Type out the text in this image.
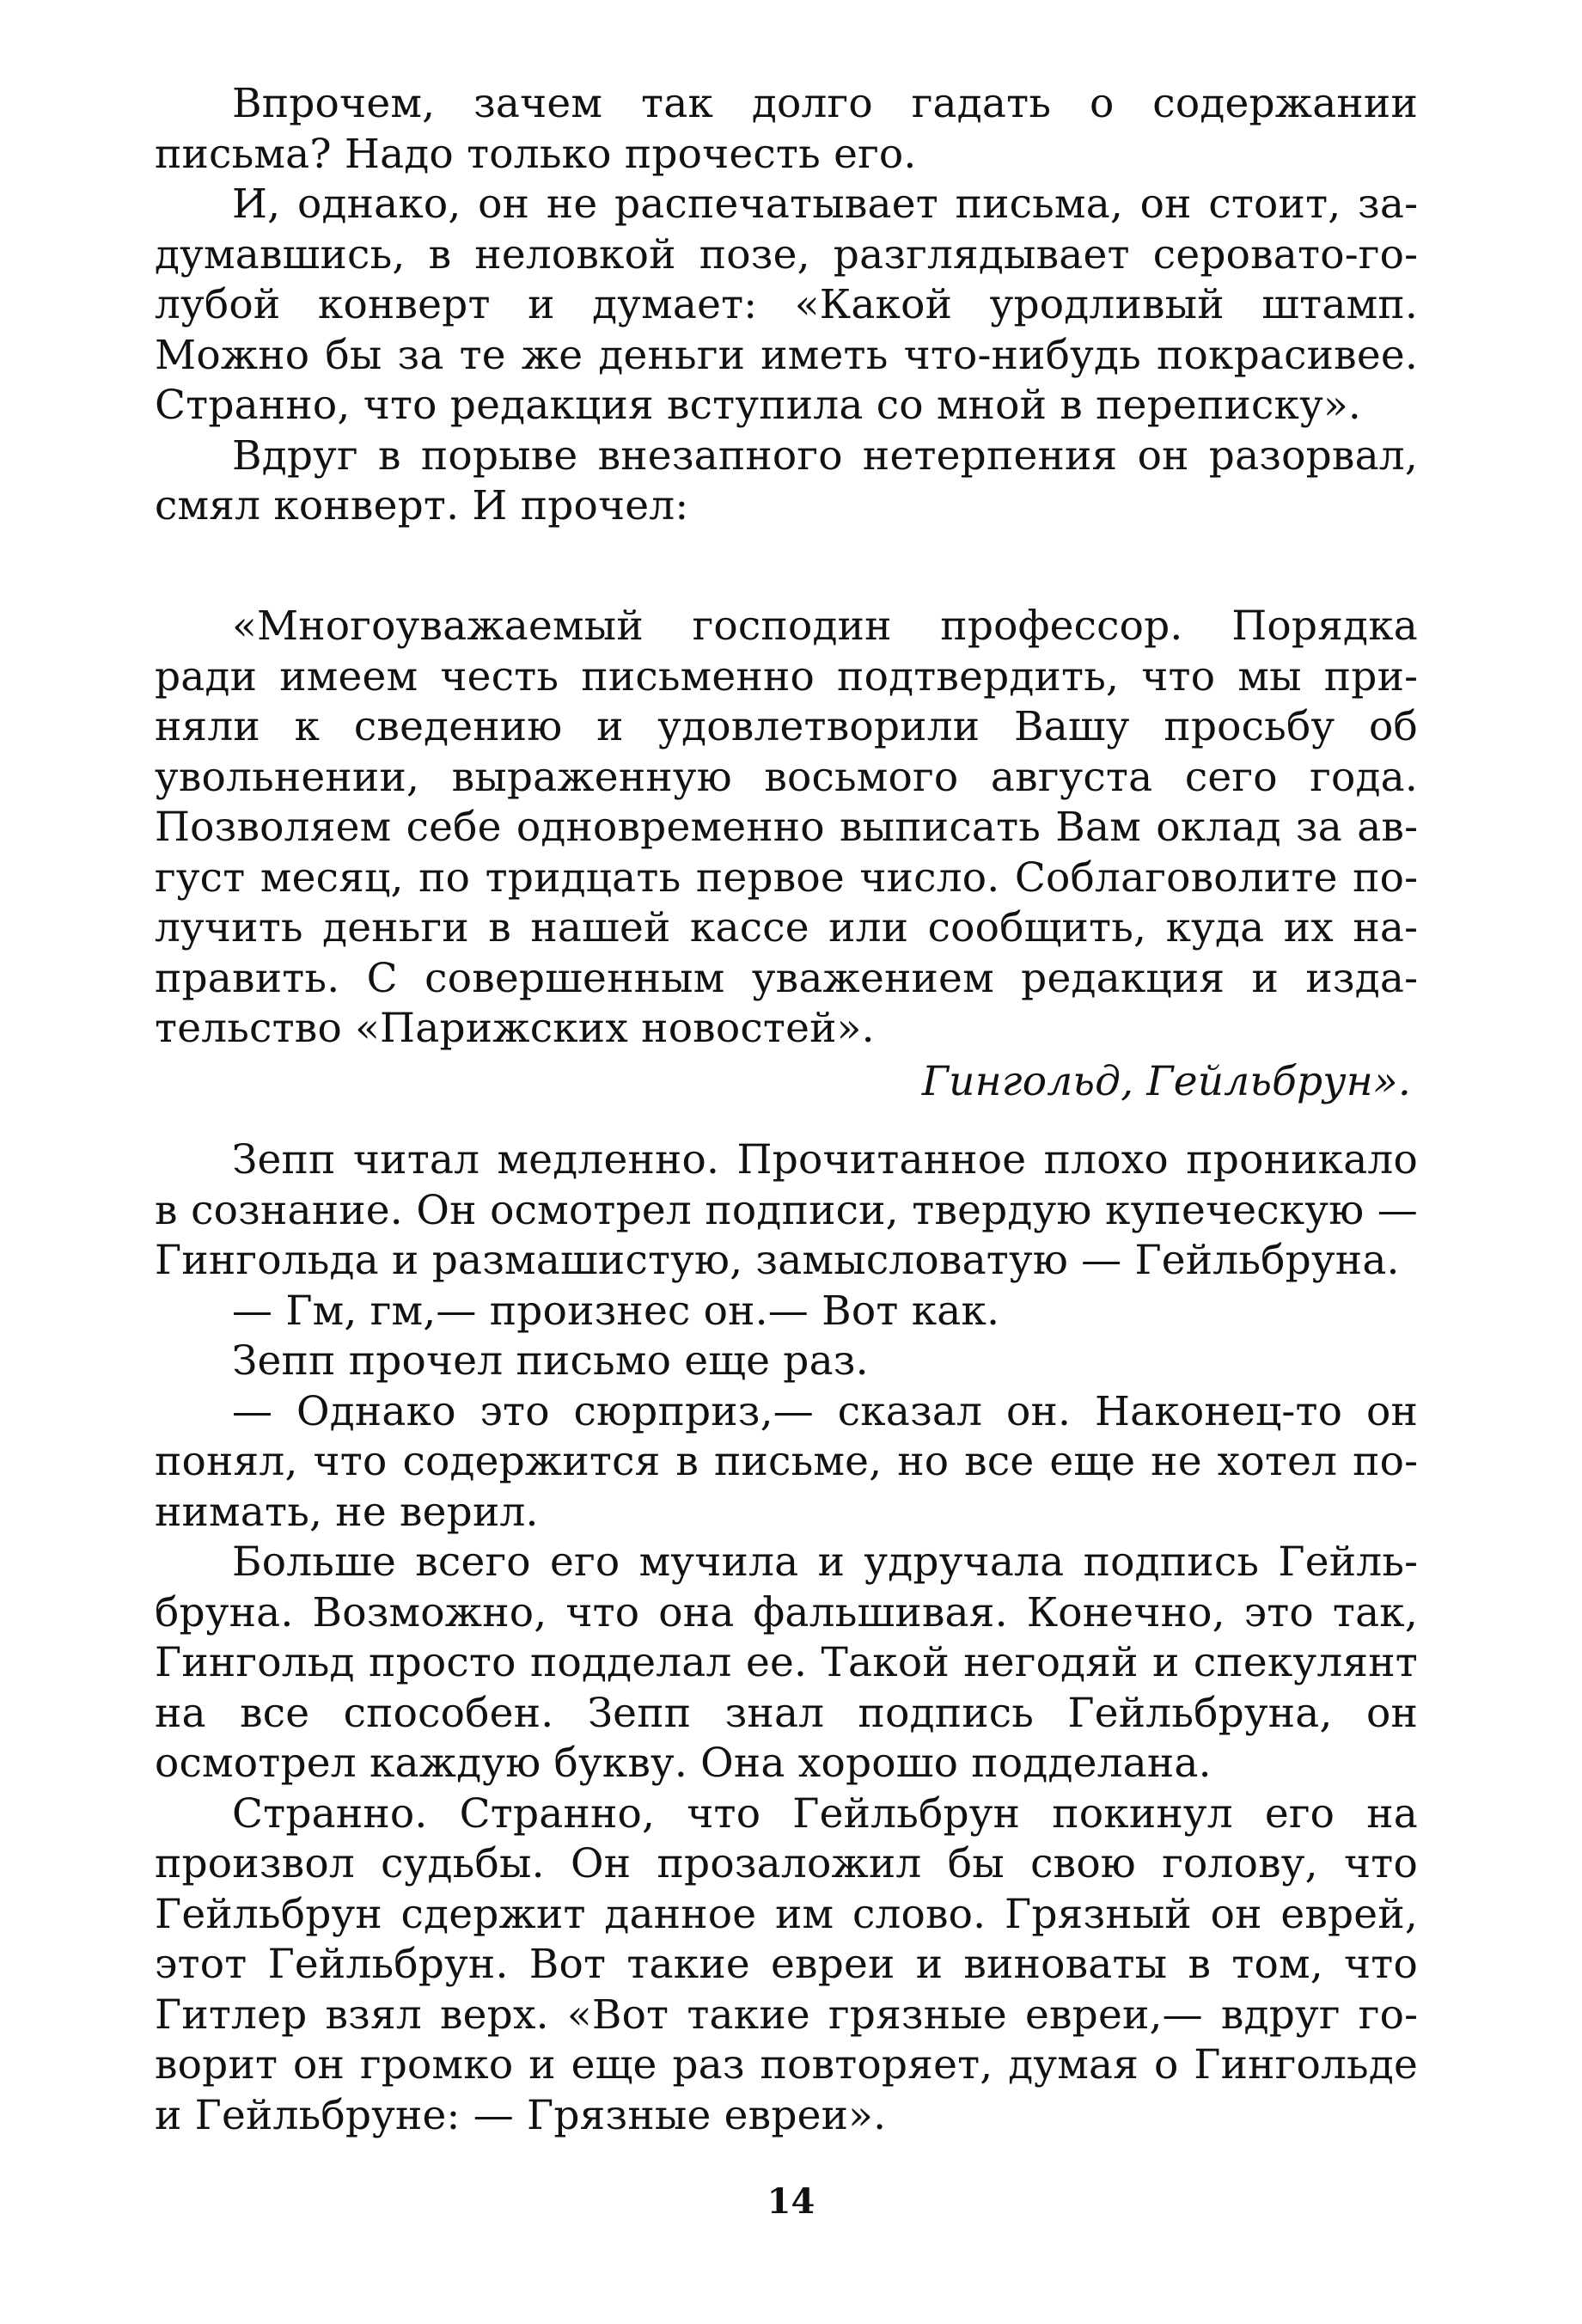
Впрочем, зачем так долго гадать о содержании письма? Надо только прочесть его.

И, однако, он не распечатывает письма, он стоит, задумавшись, в неловкой позе, разглядывает серовато-голубой конверт и думает: «Какой уродливый штамп. Можно бы за те же деньги иметь что-нибудь покрасивее. Странно, что редакция вступила со мной в переписку».

Вдруг в порыве внезапного нетерпения он разорвал, смял конверт. И прочел:

«Многоуважаемый господин профессор. Порядка ради имеем честь письменно подтвердить, что мы приняли к сведению и удовлетворили Вашу просьбу об увольнении, выраженную восьмого августа сего года. Позволяем себе одновременно выписать Вам оклад за август месяц, по тридцать первое число. Соблаговолите получить деньги в нашей кассе или сообщить, куда их направить. С совершенным уважением редакция и издательство «Парижских новостей».

Гингольд, Гейльбрун».

Зепп читал медленно. Прочитанное плохо проникало в сознание. Он осмотрел подписи, твердую купеческую — Гингольда и размашистую, замысловатую — Гейльбруна.

— Гм, гм,— произнес он.— Вот как.

Зепп прочел письмо еще раз.

— Однако это сюрприз,— сказал он. Наконец-то он понял, что содержится в письме, но все еще не хотел понимать, не верил.

Больше всего его мучила и удручала подпись Гейльбруна. Возможно, что она фальшивая. Конечно, это так, Гингольд просто подделал ее. Такой негодяй и спекулянт на все способен. Зепп знал подпись Гейльбруна, он осмотрел каждую букву. Она хорошо подделана.

Странно. Странно, что Гейльбрун покинул его на произвол судьбы. Он прозаложил бы свою голову, что Гейльбрун сдержит данное им слово. Грязный он еврей, этот Гейльбрун. Вот такие евреи и виноваты в том, что Гитлер взял верх. «Вот такие грязные евреи,— вдруг говорит он громко и еще раз повторяет, думая о Гингольде и Гейльбруне: — Грязные евреи».

14
